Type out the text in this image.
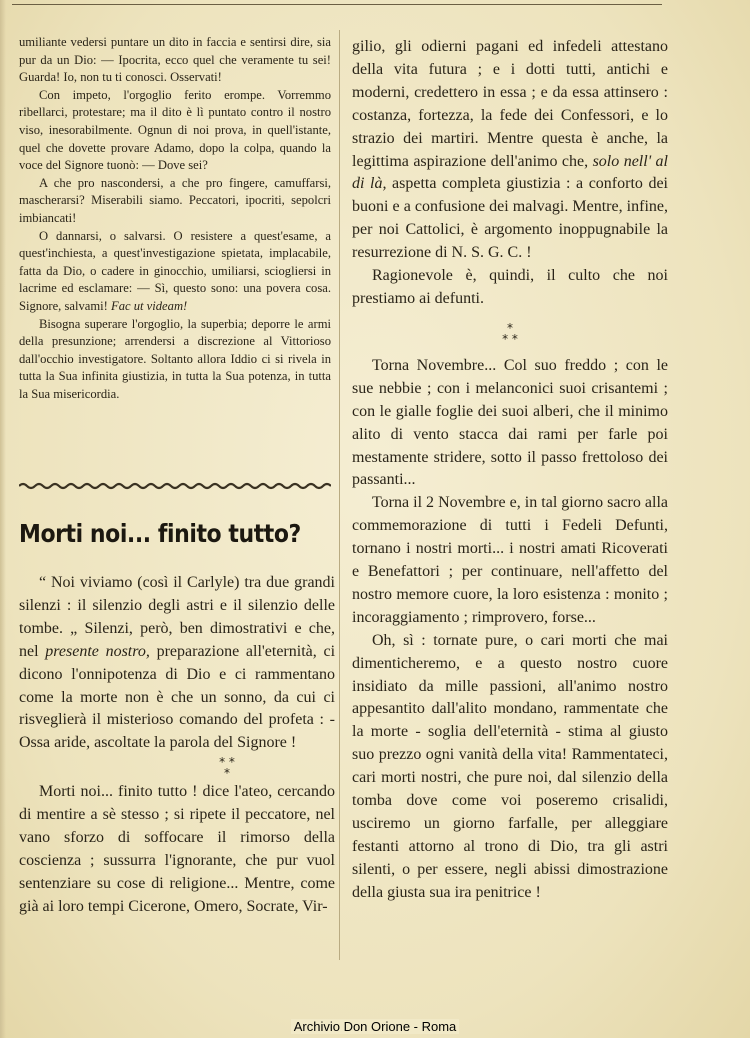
umiliante vedersi puntare un dito in faccia e sentirsi dire, sia pur da un Dio: — Ipocrita, ecco quel che veramente tu sei! Guarda! Io, non tu ti conosci. Osservati!

Con impeto, l'orgoglio ferito erompe. Vorremmo ribellarci, protestare; ma il dito è lì puntato contro il nostro viso, inesorabilmente. Ognun di noi prova, in quell'istante, quel che dovette provare Adamo, dopo la colpa, quando la voce del Signore tuonò: — Dove sei?

A che pro nascondersi, a che pro fingere, camuffarsi, mascherarsi? Miserabili siamo. Peccatori, ipocriti, sepolcri imbiancati!

O dannarsi, o salvarsi. O resistere a quest'esame, a quest'inchiesta, a quest'investigazione spietata, implacabile, fatta da Dio, o cadere in ginocchio, umiliarsi, sciogliersi in lacrime ed esclamare: — Sì, questo sono: una povera cosa. Signore, salvami! Fac ut videam!

Bisogna superare l'orgoglio, la superbia; deporre le armi della presunzione; arrendersi a discrezione al Vittorioso dall'occhio investigatore. Soltanto allora Iddio ci si rivela in tutta la Sua infinita giustizia, in tutta la Sua potenza, in tutta la Sua misericordia.

Morti noi... finito tutto?

“ Noi viviamo (così il Carlyle) tra due grandi silenzi : il silenzio degli astri e il silenzio delle tombe. „ Silenzi, però, ben dimostrativi e che, nel presente nostro, preparazione all'eternità, ci dicono l'onnipotenza di Dio e ci rammentano come la morte non è che un sonno, da cui ci risveglierà il misterioso comando del profeta : - Ossa aride, ascoltate la parola del Signore !

* *
*

Morti noi... finito tutto ! dice l'ateo, cercando di mentire a sè stesso ; si ripete il peccatore, nel vano sforzo di soffocare il rimorso della coscienza ; sussurra l'ignorante, che pur vuol sentenziare su cose di religione... Mentre, come già ai loro tempi Cicerone, Omero, Socrate, Vir-

gilio, gli odierni pagani ed infedeli attestano della vita futura ; e i dotti tutti, antichi e moderni, credettero in essa ; e da essa attinsero : costanza, fortezza, la fede dei Confessori, e lo strazio dei martiri. Mentre questa è anche, la legittima aspirazione dell'animo che, solo nell' al di là, aspetta completa giustizia : a conforto dei buoni e a confusione dei malvagi. Mentre, infine, per noi Cattolici, è argomento inoppugnabile la resurrezione di N. S. G. C. !

Ragionevole è, quindi, il culto che noi prestiamo ai defunti.

*
* *

Torna Novembre... Col suo freddo ; con le sue nebbie ; con i melanconici suoi crisantemi ; con le gialle foglie dei suoi alberi, che il minimo alito di vento stacca dai rami per farle poi mestamente stridere, sotto il passo frettoloso dei passanti...

Torna il 2 Novembre e, in tal giorno sacro alla commemorazione di tutti i Fedeli Defunti, tornano i nostri morti... i nostri amati Ricoverati e Benefattori ; per continuare, nell'affetto del nostro memore cuore, la loro esistenza : monito ; incoraggiamento ; rimprovero, forse...

Oh, sì : tornate pure, o cari morti che mai dimenticheremo, e a questo nostro cuore insidiato da mille passioni, all'animo nostro appesantito dall'alito mondano, rammentate che la morte - soglia dell'eternità - stima al giusto suo prezzo ogni vanità della vita! Rammentateci, cari morti nostri, che pure noi, dal silenzio della tomba dove come voi poseremo crisalidi, usciremo un giorno farfalle, per alleggiare festanti attorno al trono di Dio, tra gli astri silenti, o per essere, negli abissi dimostrazione della giusta sua ira penitrice !

Archivio Don Orione - Roma
